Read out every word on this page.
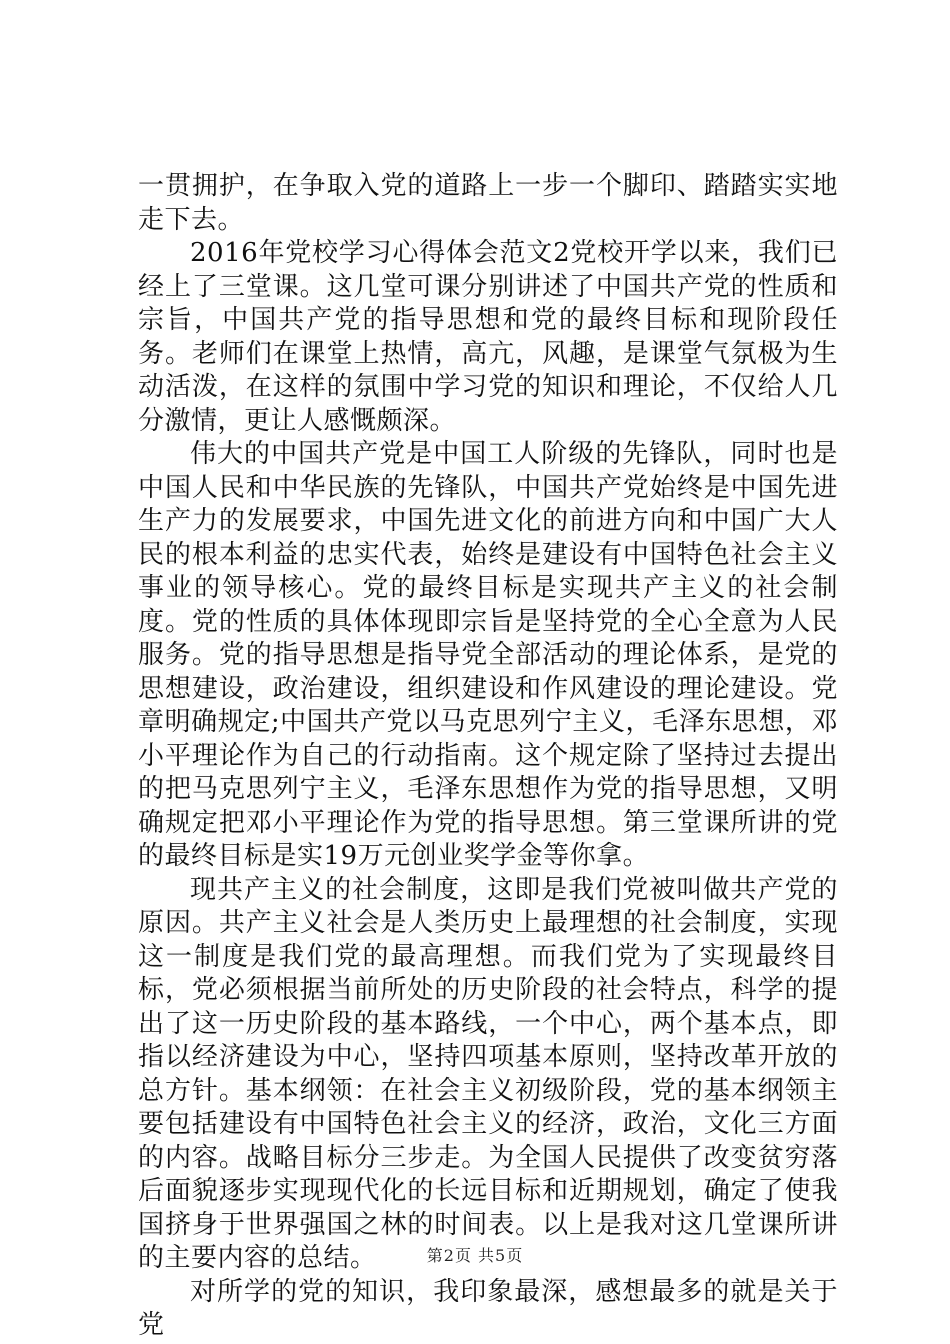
一贯拥护，在争取入党的道路上一步一个脚印、踏踏实实地走下去。

2016年党校学习心得体会范文2党校开学以来，我们已经上了三堂课。这几堂可课分别讲述了中国共产党的性质和宗旨，中国共产党的指导思想和党的最终目标和现阶段任务。老师们在课堂上热情，高亢，风趣，是课堂气氛极为生动活泼，在这样的氛围中学习党的知识和理论，不仅给人几分激情，更让人感慨颇深。

伟大的中国共产党是中国工人阶级的先锋队，同时也是中国人民和中华民族的先锋队，中国共产党始终是中国先进生产力的发展要求，中国先进文化的前进方向和中国广大人民的根本利益的忠实代表，始终是建设有中国特色社会主义事业的领导核心。党的最终目标是实现共产主义的社会制度。党的性质的具体体现即宗旨是坚持党的全心全意为人民服务。党的指导思想是指导党全部活动的理论体系，是党的思想建设，政治建设，组织建设和作风建设的理论建设。党章明确规定;中国共产党以马克思列宁主义，毛泽东思想，邓小平理论作为自己的行动指南。这个规定除了坚持过去提出的把马克思列宁主义，毛泽东思想作为党的指导思想，又明确规定把邓小平理论作为党的指导思想。第三堂课所讲的党的最终目标是实19万元创业奖学金等你拿。

现共产主义的社会制度，这即是我们党被叫做共产党的原因。共产主义社会是人类历史上最理想的社会制度，实现这一制度是我们党的最高理想。而我们党为了实现最终目标，党必须根据当前所处的历史阶段的社会特点，科学的提出了这一历史阶段的基本路线，一个中心，两个基本点，即指以经济建设为中心，坚持四项基本原则，坚持改革开放的总方针。基本纲领：在社会主义初级阶段，党的基本纲领主要包括建设有中国特色社会主义的经济，政治，文化三方面的内容。战略目标分三步走。为全国人民提供了改变贫穷落后面貌逐步实现现代化的长远目标和近期规划，确定了使我国挤身于世界强国之林的时间表。以上是我对这几堂课所讲的主要内容的总结。

对所学的党的知识，我印象最深，感想最多的就是关于党

第2页 共5页
